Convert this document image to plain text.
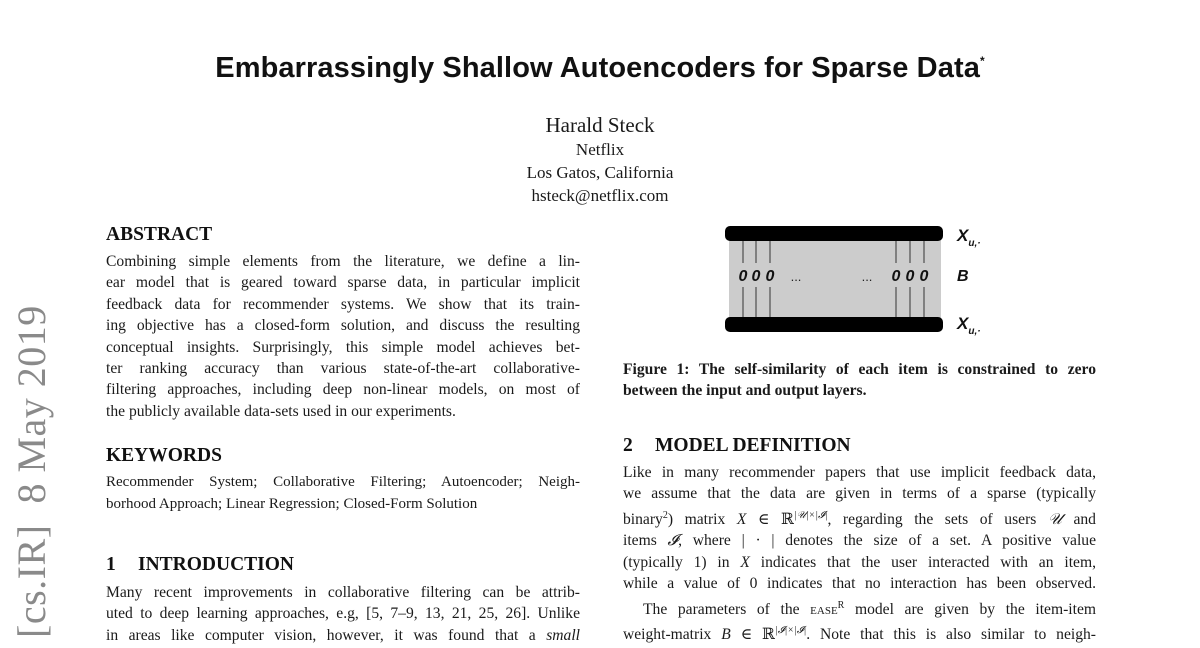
Embarrassingly Shallow Autoencoders for Sparse Data*
Harald Steck
Netflix
Los Gatos, California
hsteck@netflix.com
[cs.IR]  8 May 2019
ABSTRACT

Combining simple elements from the literature, we define a lin-

ear model that is geared toward sparse data, in particular implicit

feedback data for recommender systems. We show that its train-

ing objective has a closed-form solution, and discuss the resulting

conceptual insights. Surprisingly, this simple model achieves bet-

ter ranking accuracy than various state-of-the-art collaborative-

filtering approaches, including deep non-linear models, on most of

the publicly available data-sets used in our experiments.

KEYWORDS

Recommender System; Collaborative Filtering; Autoencoder; Neigh-

borhood Approach; Linear Regression; Closed-Form Solution

1 INTRODUCTION

Many recent improvements in collaborative filtering can be attrib-

uted to deep learning approaches, e.g, [5, 7–9, 13, 21, 25, 26]. Unlike

in areas like computer vision, however, it was found that a small

0 0 0	0 0 0
...	...
$X_{u,\cdot}$
B
$X_{u,\cdot}$
Figure 1: The self-similarity of each item is constrained to zero between the input and output layers.
2 MODEL DEFINITION

Like in many recommender papers that use implicit feedback data,

we assume that the data are given in terms of a sparse (typically

binary$^2$) matrix X ∈ ℝ$^{|𝒰|\times|𝓘|}$, regarding the sets of users 𝒰 and

items 𝓘, where | · | denotes the size of a set. A positive value

(typically 1) in X indicates that the user interacted with an item,

while a value of 0 indicates that no interaction has been observed.

The parameters of the ease$^R$ model are given by the item-item

weight-matrix B ∈ ℝ$^{|𝓘|\times|𝓘|}$. Note that this is also similar to neigh-
